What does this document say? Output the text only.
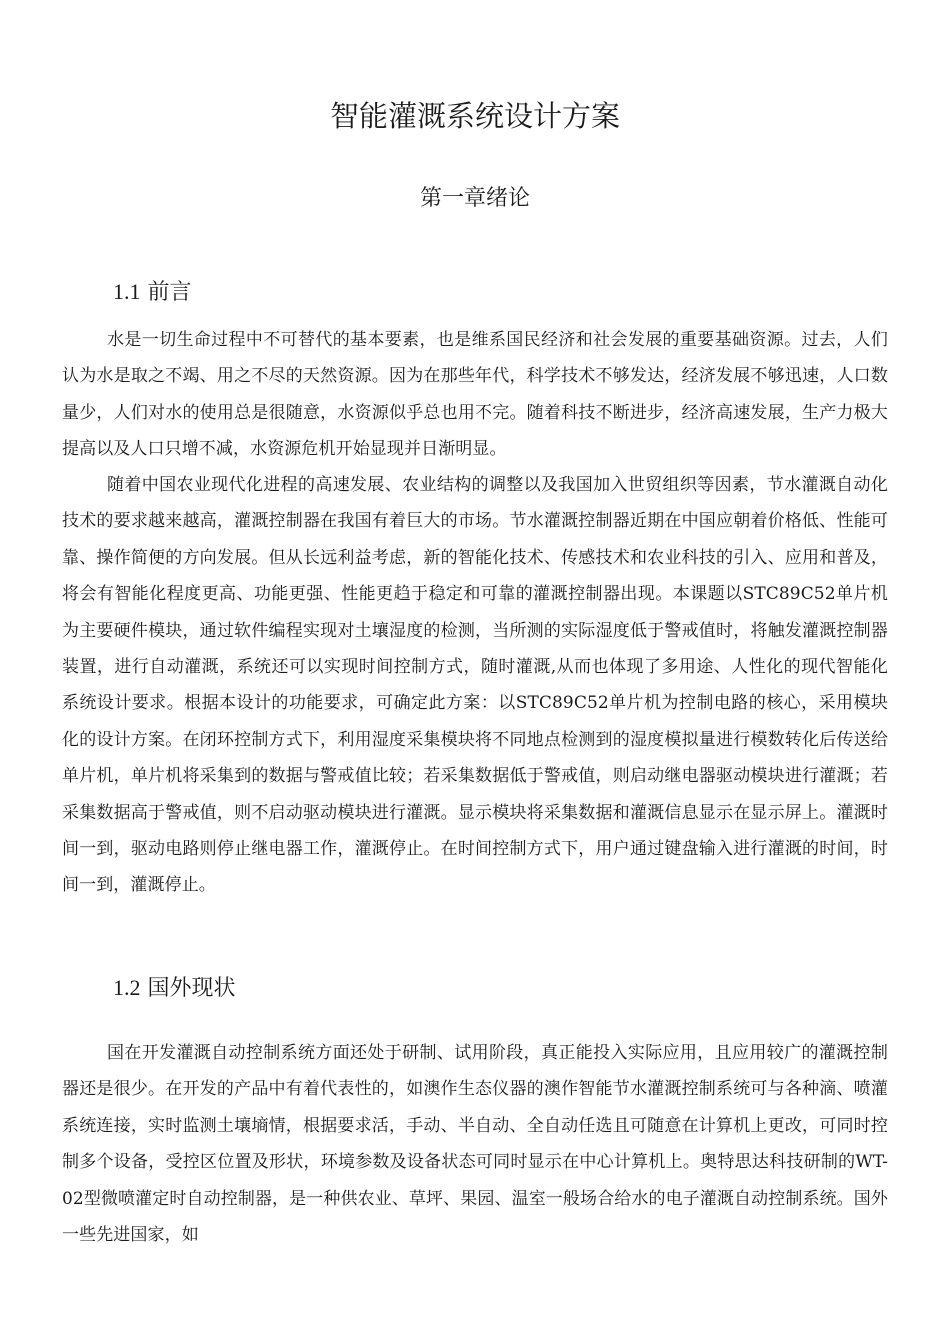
智能灌溉系统设计方案
第一章绪论
1.1 前言

水是一切生命过程中不可替代的基本要素，也是维系国民经济和社会发展的重要基础资源。过去，人们认为水是取之不竭、用之不尽的天然资源。因为在那些年代，科学技术不够发达，经济发展不够迅速，人口数量少，人们对水的使用总是很随意，水资源似乎总也用不完。随着科技不断进步，经济高速发展，生产力极大提高以及人口只增不减，水资源危机开始显现并日渐明显。

随着中国农业现代化进程的高速发展、农业结构的调整以及我国加入世贸组织等因素，节水灌溉自动化技术的要求越来越高，灌溉控制器在我国有着巨大的市场。节水灌溉控制器近期在中国应朝着价格低、性能可靠、操作简便的方向发展。但从长远利益考虑，新的智能化技术、传感技术和农业科技的引入、应用和普及，将会有智能化程度更高、功能更强、性能更趋于稳定和可靠的灌溉控制器出现。本课题以STC89C52单片机为主要硬件模块，通过软件编程实现对土壤湿度的检测，当所测的实际湿度低于警戒值时，将触发灌溉控制器装置，进行自动灌溉，系统还可以实现时间控制方式，随时灌溉,从而也体现了多用途、人性化的现代智能化系统设计要求。根据本设计的功能要求，可确定此方案：以STC89C52单片机为控制电路的核心，采用模块化的设计方案。在闭环控制方式下，利用湿度采集模块将不同地点检测到的湿度模拟量进行模数转化后传送给单片机，单片机将采集到的数据与警戒值比较；若采集数据低于警戒值，则启动继电器驱动模块进行灌溉；若采集数据高于警戒值，则不启动驱动模块进行灌溉。显示模块将采集数据和灌溉信息显示在显示屏上。灌溉时间一到，驱动电路则停止继电器工作，灌溉停止。在时间控制方式下，用户通过键盘输入进行灌溉的时间，时间一到，灌溉停止。

1.2 国外现状

国在开发灌溉自动控制系统方面还处于研制、试用阶段，真正能投入实际应用，且应用较广的灌溉控制器还是很少。在开发的产品中有着代表性的，如澳作生态仪器的澳作智能节水灌溉控制系统可与各种滴、喷灌系统连接，实时监测土壤墒情，根据要求活，手动、半自动、全自动任选且可随意在计算机上更改，可同时控制多个设备，受控区位置及形状，环境参数及设备状态可同时显示在中心计算机上。奥特思达科技研制的WT-02型微喷灌定时自动控制器，是一种供农业、草坪、果园、温室一般场合给水的电子灌溉自动控制系统。国外一些先进国家，如
